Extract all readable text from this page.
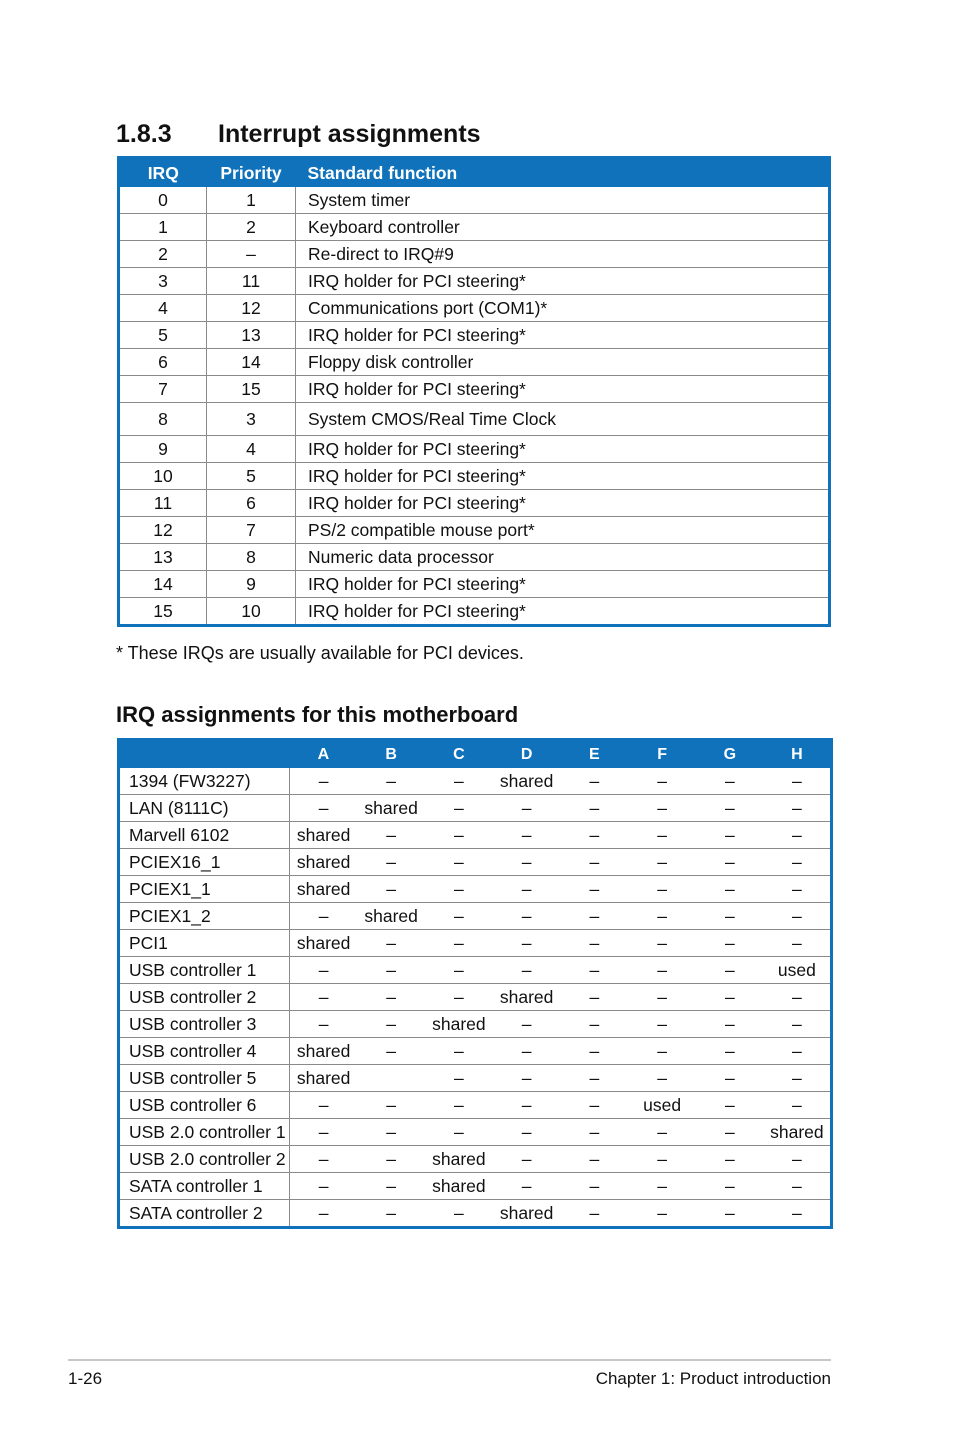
1.8.3 Interrupt assignments
IRQ	Priority	Standard function
0	1	System timer
1	2	Keyboard controller
2	–	Re-direct to IRQ#9
3	11	IRQ holder for PCI steering*
4	12	Communications port (COM1)*
5	13	IRQ holder for PCI steering*
6	14	Floppy disk controller
7	15	IRQ holder for PCI steering*
8	3	System CMOS/Real Time Clock
9	4	IRQ holder for PCI steering*
10	5	IRQ holder for PCI steering*
11	6	IRQ holder for PCI steering*
12	7	PS/2 compatible mouse port*
13	8	Numeric data processor
14	9	IRQ holder for PCI steering*
15	10	IRQ holder for PCI steering*
* These IRQs are usually available for PCI devices.
IRQ assignments for this motherboard
	A	B	C	D	E	F	G	H
1394 (FW3227)	–	–	–	shared	–	–	–	–
LAN (8111C)	–	shared	–	–	–	–	–	–
Marvell 6102	shared	–	–	–	–	–	–	–
PCIEX16_1	shared	–	–	–	–	–	–	–
PCIEX1_1	shared	–	–	–	–	–	–	–
PCIEX1_2	–	shared	–	–	–	–	–	–
PCI1	shared	–	–	–	–	–	–	–
USB controller 1	–	–	–	–	–	–	–	used
USB controller 2	–	–	–	shared	–	–	–	–
USB controller 3	–	–	shared	–	–	–	–	–
USB controller 4	shared	–	–	–	–	–	–	–
USB controller 5	shared		–	–	–	–	–	–
USB controller 6	–	–	–	–	–	used	–	–
USB 2.0 controller 1	–	–	–	–	–	–	–	shared
USB 2.0 controller 2	–	–	shared	–	–	–	–	–
SATA controller 1	–	–	shared	–	–	–	–	–
SATA controller 2	–	–	–	shared	–	–	–	–
1-26	Chapter 1: Product introduction
